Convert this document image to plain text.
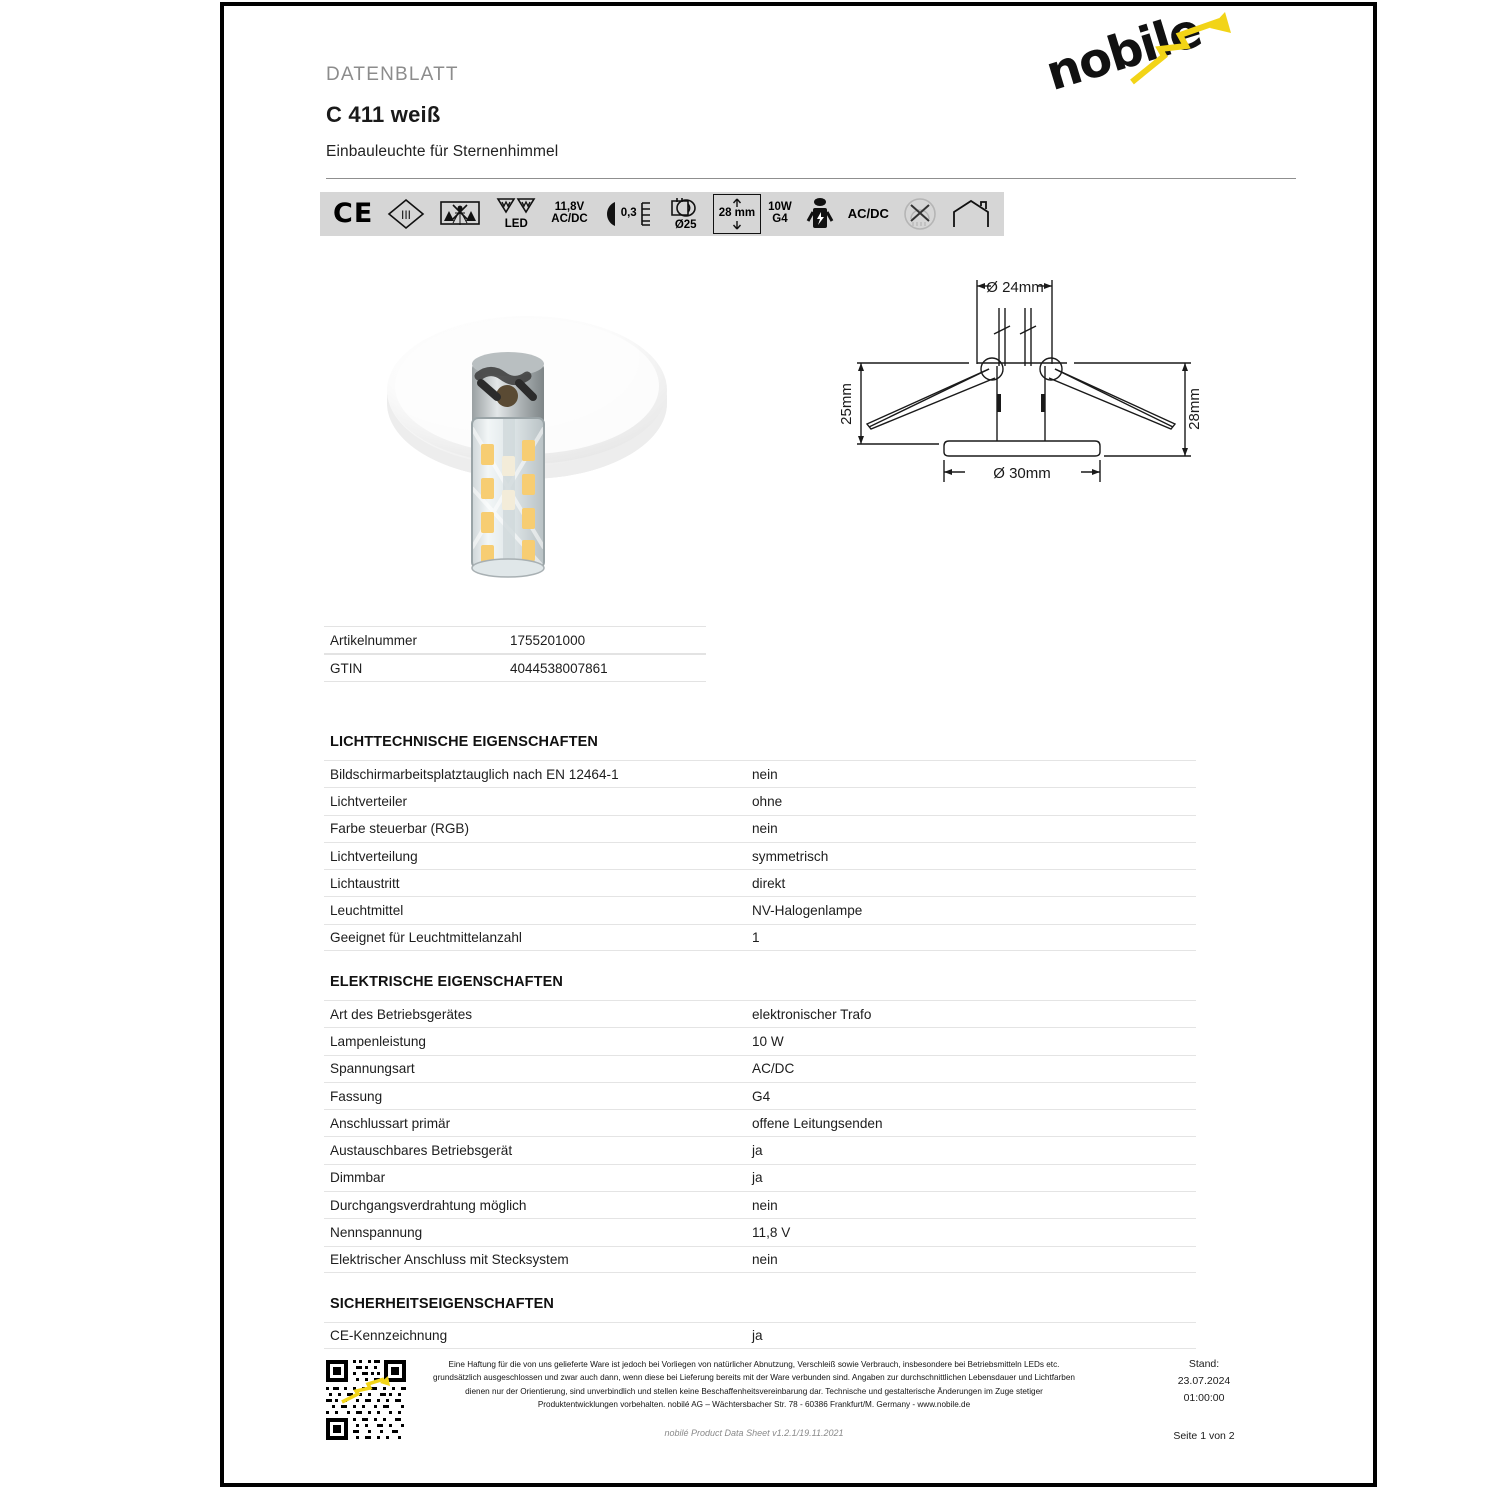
DATENBLATT
C 411 weiß
Einbauleuchte für Sternenhimmel
nobile
CE III
LED
11,8V
AC/DC	0,3
Ø25
28 mm 10W
G4	AC/DC
Ø 24mm
25mm	28mm
Ø 30mm
Artikelnummer	1755201000
GTIN	4044538007861
LICHTTECHNISCHE EIGENSCHAFTEN
Bildschirmarbeitsplatztauglich nach EN 12464-1	nein
Lichtverteiler	ohne
Farbe steuerbar (RGB)	nein
Lichtverteilung	symmetrisch
Lichtaustritt	direkt
Leuchtmittel	NV-Halogenlampe
Geeignet für Leuchtmittelanzahl	1
ELEKTRISCHE EIGENSCHAFTEN
Art des Betriebsgerätes	elektronischer Trafo
Lampenleistung	10 W
Spannungsart	AC/DC
Fassung	G4
Anschlussart primär	offene Leitungsenden
Austauschbares Betriebsgerät	ja
Dimmbar	ja
Durchgangsverdrahtung möglich	nein
Nennspannung	11,8 V
Elektrischer Anschluss mit Stecksystem	nein
SICHERHEITSEIGENSCHAFTEN
CE-Kennzeichnung	ja
Eine Haftung für die von uns gelieferte Ware ist jedoch bei Vorliegen von natürlicher Abnutzung, Verschleiß sowie Verbrauch, insbesondere bei Betriebsmitteln LEDs etc. grundsätzlich ausgeschlossen und zwar auch dann, wenn diese bei Lieferung bereits mit der Ware verbunden sind. Angaben zur durchschnittlichen Lebensdauer und Lichtfarben dienen nur der Orientierung, sind unverbindlich und stellen keine Beschaffenheitsvereinbarung dar. Technische und gestalterische Änderungen im Zuge stetiger Produktentwicklungen vorbehalten. nobilé AG – Wächtersbacher Str. 78 - 60386 Frankfurt/M. Germany - www.nobile.de
nobilé Product Data Sheet v1.2.1/19.11.2021
Stand:
23.07.2024
01:00:00
Seite 1 von 2
